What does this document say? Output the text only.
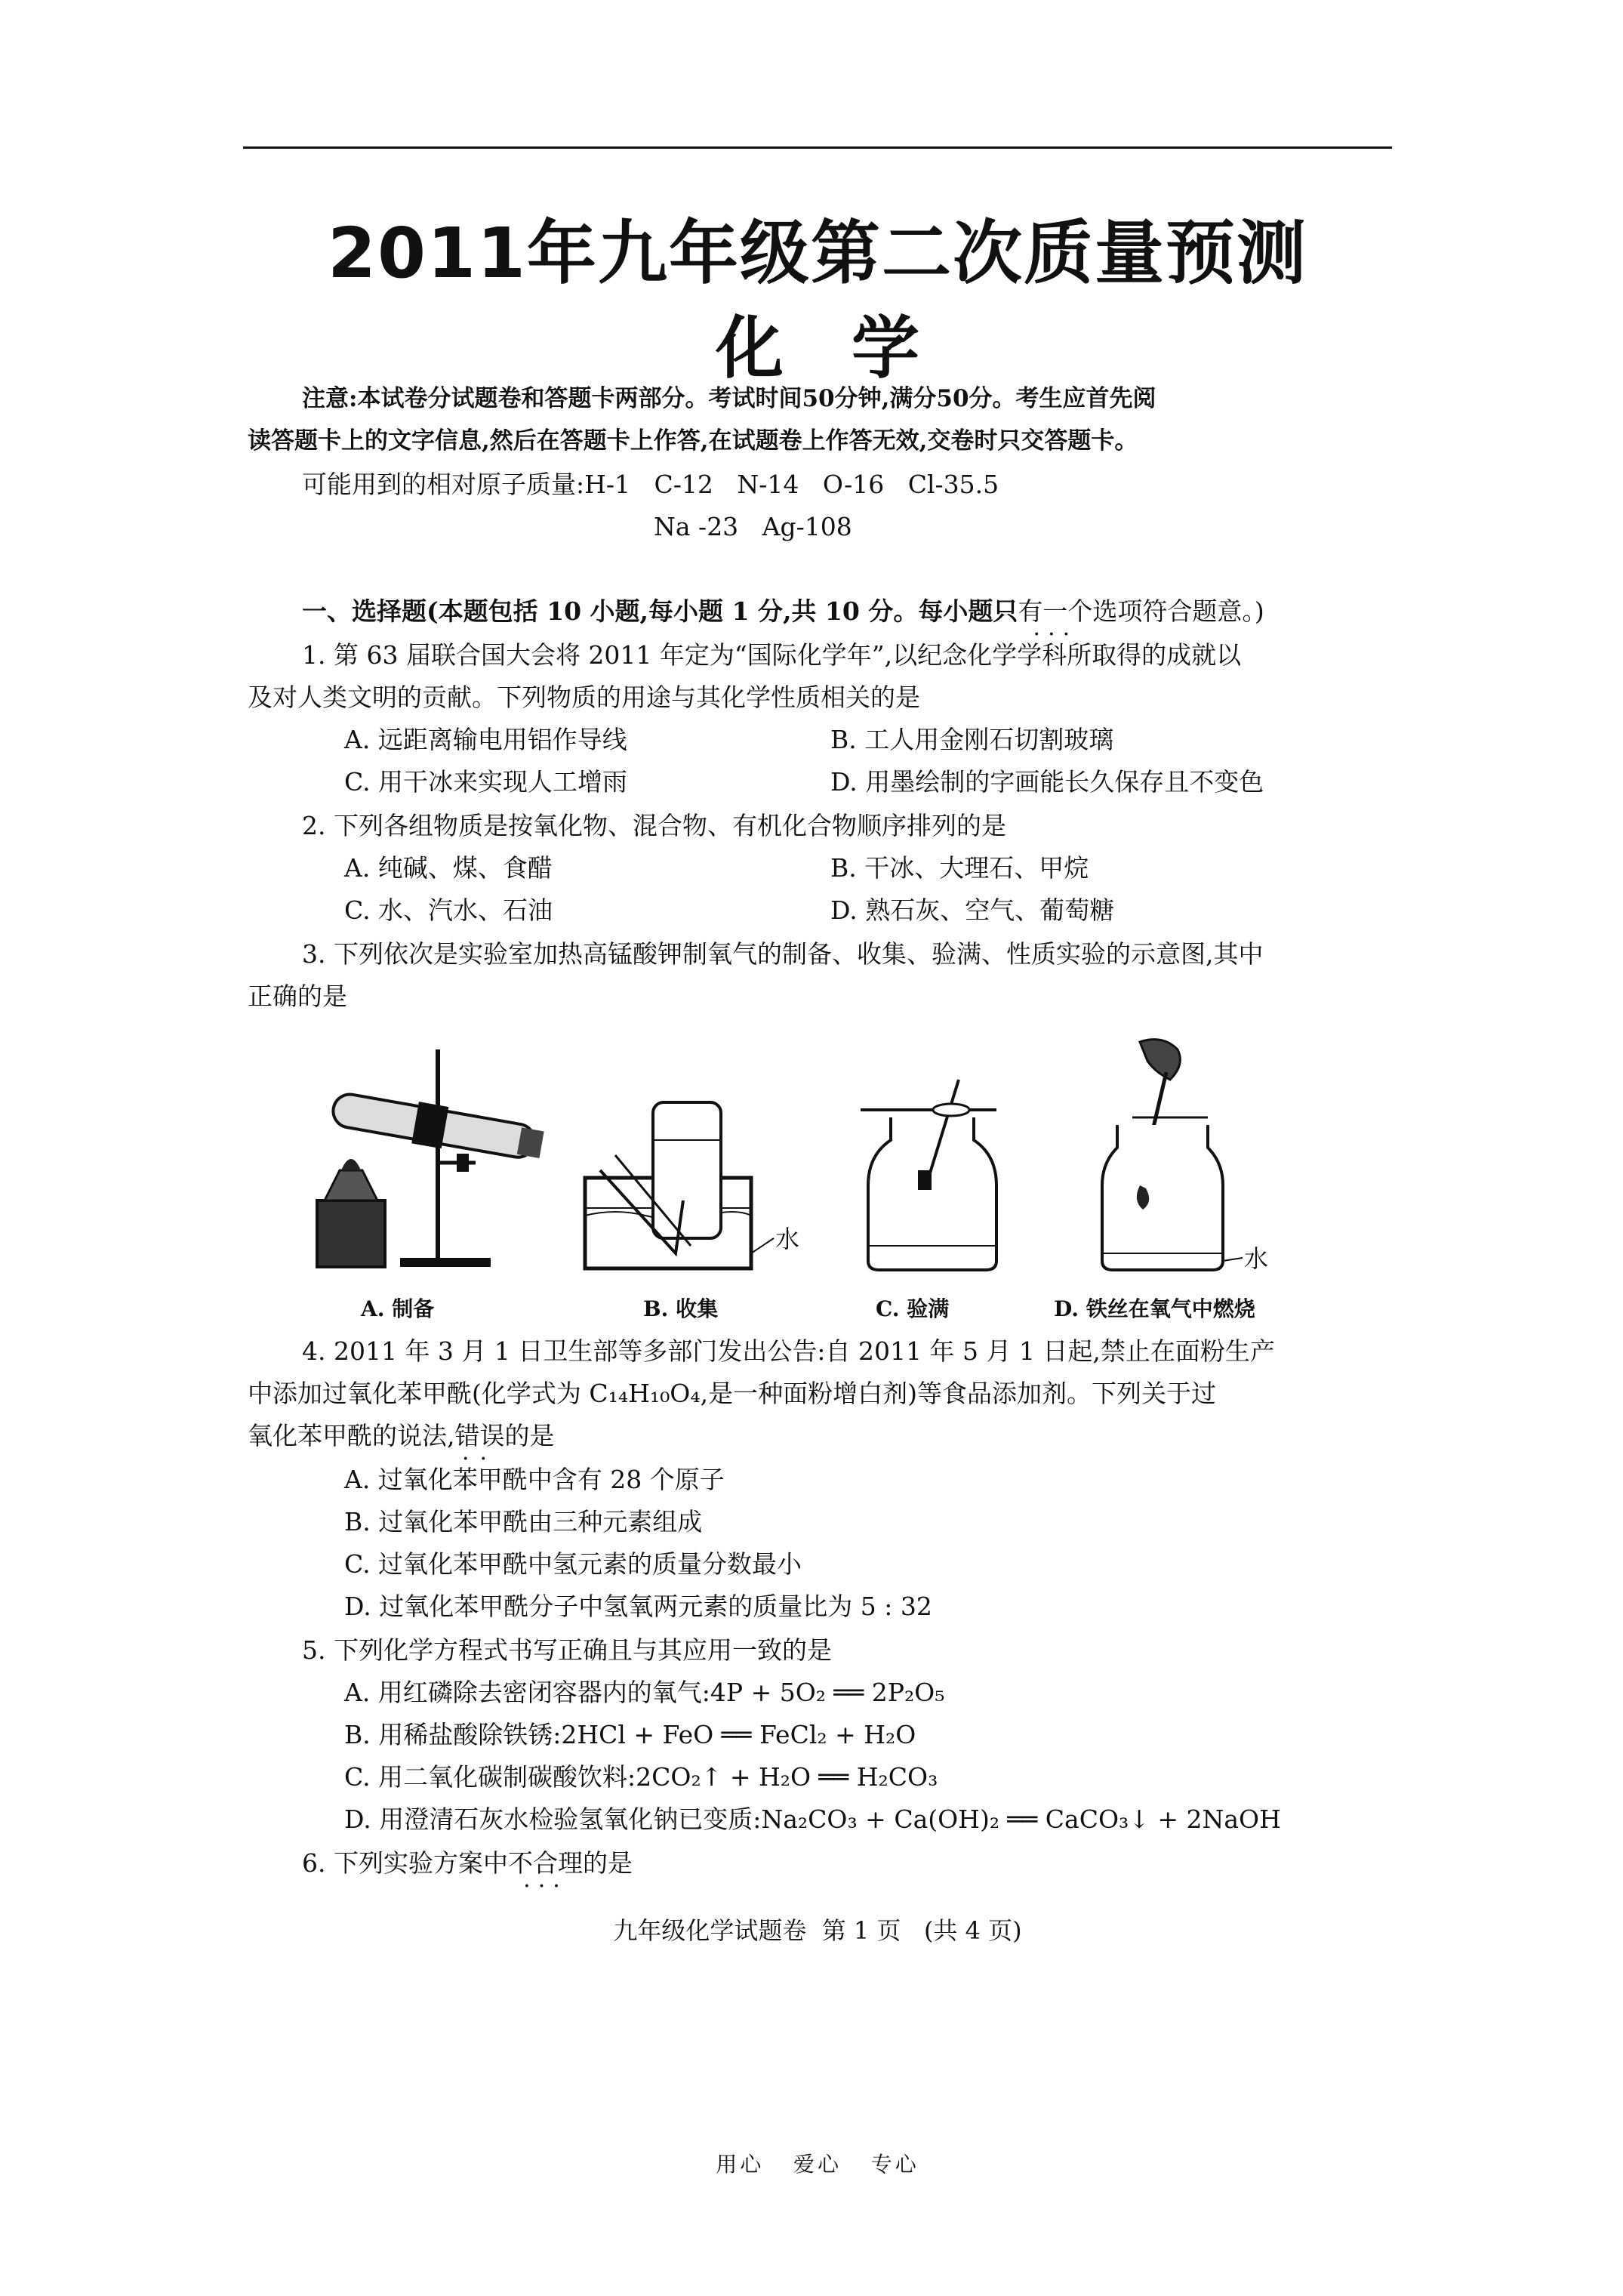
2011年九年级第二次质量预测
化学
注意:本试卷分试题卷和答题卡两部分。考试时间50分钟,满分50分。考生应首先阅
读答题卡上的文字信息,然后在答题卡上作答,在试题卷上作答无效,交卷时只交答题卡。
可能用到的相对原子质量:H-1   C-12   N-14   O-16   Cl-35.5
Na -23   Ag-108
一、选择题(本题包括 10 小题,每小题 1 分,共 10 分。每小题只有一个 ···选项符合题意。)
1. 第 63 届联合国大会将 2011 年定为“国际化学年”,以纪念化学学科所取得的成就以
及对人类文明的贡献。下列物质的用途与其化学性质相关的是
A. 远距离输电用铝作导线	B. 工人用金刚石切割玻璃
C. 用干冰来实现人工增雨	D. 用墨绘制的字画能长久保存且不变色
2. 下列各组物质是按氧化物、混合物、有机化合物顺序排列的是
A. 纯碱、煤、食醋	B. 干冰、大理石、甲烷
C. 水、汽水、石油	D. 熟石灰、空气、葡萄糖
3. 下列依次是实验室加热高锰酸钾制氧气的制备、收集、验满、性质实验的示意图,其中
正确的是
水
水
A. 制备	B. 收集	C. 验满	D. 铁丝在氧气中燃烧
4. 2011 年 3 月 1 日卫生部等多部门发出公告:自 2011 年 5 月 1 日起,禁止在面粉生产
中添加过氧化苯甲酰(化学式为 C₁₄H₁₀O₄,是一种面粉增白剂)等食品添加剂。下列关于过
氧化苯甲酰的说法,错误 ··的是
A. 过氧化苯甲酰中含有 28 个原子
B. 过氧化苯甲酰由三种元素组成
C. 过氧化苯甲酰中氢元素的质量分数最小
D. 过氧化苯甲酰分子中氢氧两元素的质量比为 5 : 32
5. 下列化学方程式书写正确且与其应用一致的是
A. 用红磷除去密闭容器内的氧气:4P + 5O₂ ══ 2P₂O₅
B. 用稀盐酸除铁锈:2HCl + FeO ══ FeCl₂ + H₂O
C. 用二氧化碳制碳酸饮料:2CO₂↑ + H₂O ══ H₂CO₃
D. 用澄清石灰水检验氢氧化钠已变质:Na₂CO₃ + Ca(OH)₂ ══ CaCO₃↓ + 2NaOH
6. 下列实验方案中不合理 ···的是
九年级化学试题卷  第 1 页   (共 4 页)
用心   爱心   专心
